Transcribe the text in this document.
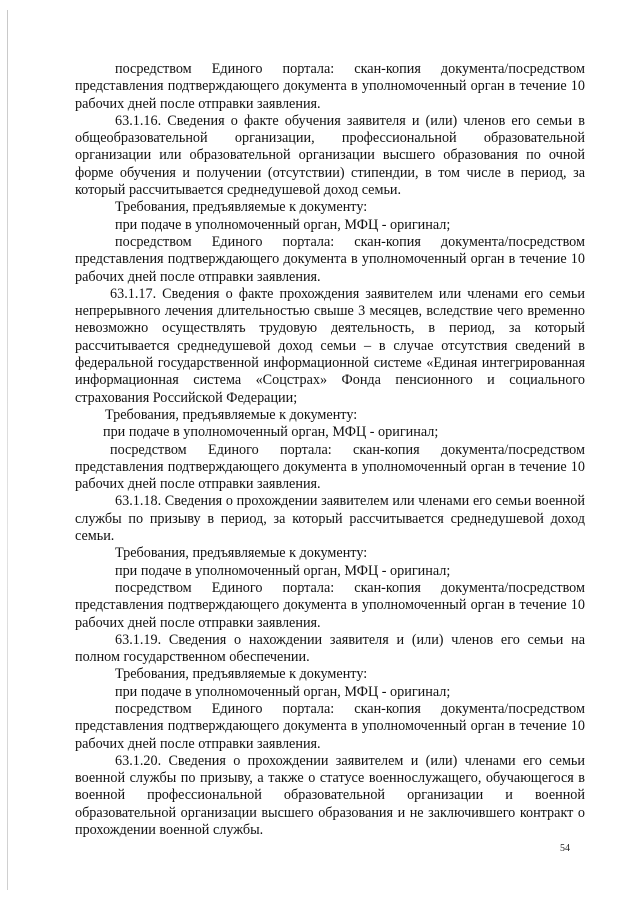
посредством Единого портала: скан-копия документа/посредством представления подтверждающего документа в уполномоченный орган в течение 10 рабочих дней после отправки заявления.

63.1.16. Сведения о факте обучения заявителя и (или) членов его семьи в общеобразовательной организации, профессиональной образовательной организации или образовательной организации высшего образования по очной форме обучения и получении (отсутствии) стипендии, в том числе в период, за который рассчитывается среднедушевой доход семьи.

Требования, предъявляемые к документу:

при подаче в уполномоченный орган, МФЦ - оригинал;

посредством Единого портала: скан-копия документа/посредством представления подтверждающего документа в уполномоченный орган в течение 10 рабочих дней после отправки заявления.

63.1.17. Сведения о факте прохождения заявителем или членами его семьи непрерывного лечения длительностью свыше 3 месяцев, вследствие чего временно невозможно осуществлять трудовую деятельность, в период, за который рассчитывается среднедушевой доход семьи – в случае отсутствия сведений в федеральной государственной информационной системе «Единая интегрированная информационная система «Соцстрах» Фонда пенсионного и социального страхования Российской Федерации;

Требования, предъявляемые к документу:

при подаче в уполномоченный орган, МФЦ - оригинал;

посредством Единого портала: скан-копия документа/посредством представления подтверждающего документа в уполномоченный орган в течение 10 рабочих дней после отправки заявления.

63.1.18. Сведения о прохождении заявителем или членами его семьи военной службы по призыву в период, за который рассчитывается среднедушевой доход семьи.

Требования, предъявляемые к документу:

при подаче в уполномоченный орган, МФЦ - оригинал;

посредством Единого портала: скан-копия документа/посредством представления подтверждающего документа в уполномоченный орган в течение 10 рабочих дней после отправки заявления.

63.1.19. Сведения о нахождении заявителя и (или) членов его семьи на полном государственном обеспечении.

Требования, предъявляемые к документу:

при подаче в уполномоченный орган, МФЦ - оригинал;

посредством Единого портала: скан-копия документа/посредством представления подтверждающего документа в уполномоченный орган в течение 10 рабочих дней после отправки заявления.

63.1.20. Сведения о прохождении заявителем и (или) членами его семьи военной службы по призыву, а также о статусе военнослужащего, обучающегося в военной профессиональной образовательной организации и военной образовательной организации высшего образования и не заключившего контракт о прохождении военной службы.

54
